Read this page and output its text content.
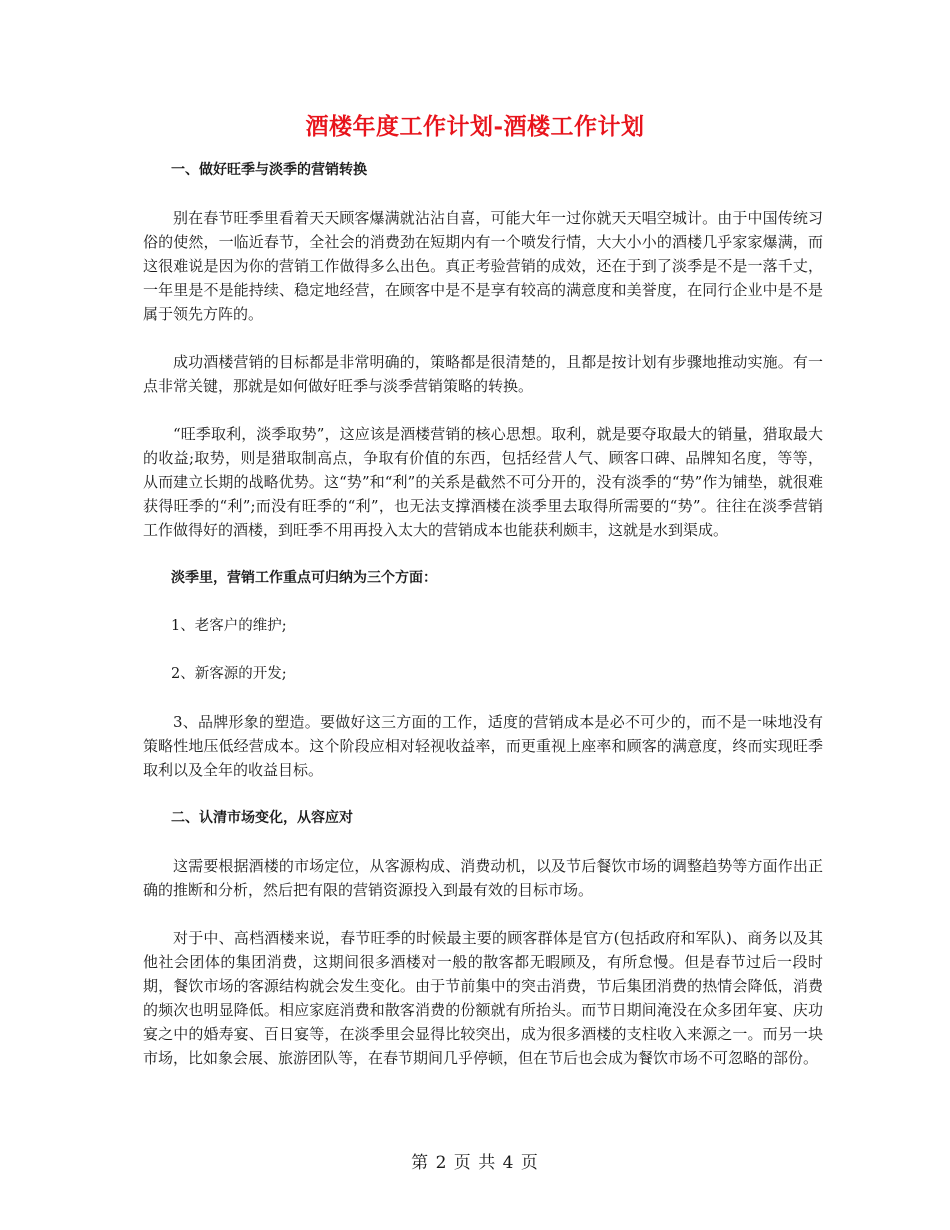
酒楼年度工作计划-酒楼工作计划
一、做好旺季与淡季的营销转换

别在春节旺季里看着天天顾客爆满就沾沾自喜，可能大年一过你就天天唱空城计。由于中国传统习俗的使然，一临近春节，全社会的消费劲在短期内有一个喷发行情，大大小小的酒楼几乎家家爆满，而这很难说是因为你的营销工作做得多么出色。真正考验营销的成效，还在于到了淡季是不是一落千丈，一年里是不是能持续、稳定地经营，在顾客中是不是享有较高的满意度和美誉度，在同行企业中是不是属于领先方阵的。

成功酒楼营销的目标都是非常明确的，策略都是很清楚的，且都是按计划有步骤地推动实施。有一点非常关键，那就是如何做好旺季与淡季营销策略的转换。

“旺季取利，淡季取势”，这应该是酒楼营销的核心思想。取利，就是要夺取最大的销量，猎取最大的收益;取势，则是猎取制高点，争取有价值的东西，包括经营人气、顾客口碑、品牌知名度，等等，从而建立长期的战略优势。这“势”和“利”的关系是截然不可分开的，没有淡季的“势”作为铺垫，就很难获得旺季的“利”;而没有旺季的“利”，也无法支撑酒楼在淡季里去取得所需要的“势”。往往在淡季营销工作做得好的酒楼，到旺季不用再投入太大的营销成本也能获利颇丰，这就是水到渠成。

淡季里，营销工作重点可归纳为三个方面：
1、老客户的维护;
2、新客源的开发;

3、品牌形象的塑造。要做好这三方面的工作，适度的营销成本是必不可少的，而不是一味地没有策略性地压低经营成本。这个阶段应相对轻视收益率，而更重视上座率和顾客的满意度，终而实现旺季取利以及全年的收益目标。

二、认清市场变化，从容应对

这需要根据酒楼的市场定位，从客源构成、消费动机，以及节后餐饮市场的调整趋势等方面作出正确的推断和分析，然后把有限的营销资源投入到最有效的目标市场。

对于中、高档酒楼来说，春节旺季的时候最主要的顾客群体是官方(包括政府和军队)、商务以及其他社会团体的集团消费，这期间很多酒楼对一般的散客都无暇顾及，有所怠慢。但是春节过后一段时期，餐饮市场的客源结构就会发生变化。由于节前集中的突击消费，节后集团消费的热情会降低，消费的频次也明显降低。相应家庭消费和散客消费的份额就有所抬头。而节日期间淹没在众多团年宴、庆功宴之中的婚寿宴、百日宴等，在淡季里会显得比较突出，成为很多酒楼的支柱收入来源之一。而另一块市场，比如象会展、旅游团队等，在春节期间几乎停顿，但在节后也会成为餐饮市场不可忽略的部份。

第 2 页 共 4 页
